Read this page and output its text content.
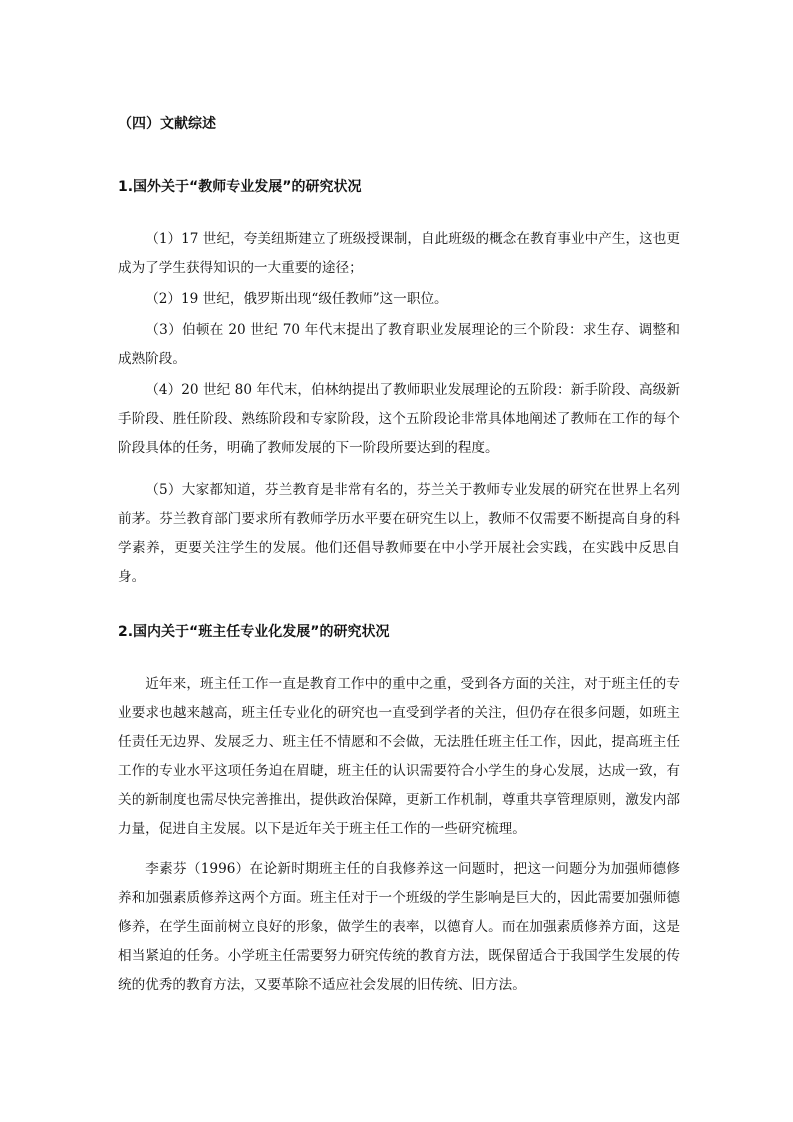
（四）文献综述
1.国外关于“教师专业发展”的研究状况

（1）17 世纪，夸美纽斯建立了班级授课制，自此班级的概念在教育事业中产生，这也更成为了学生获得知识的一大重要的途径；

（2）19 世纪，俄罗斯出现“级任教师”这一职位。

（3）伯顿在 20 世纪 70 年代末提出了教育职业发展理论的三个阶段：求生存、调整和成熟阶段。

（4）20 世纪 80 年代末，伯林纳提出了教师职业发展理论的五阶段：新手阶段、高级新手阶段、胜任阶段、熟练阶段和专家阶段，这个五阶段论非常具体地阐述了教师在工作的每个阶段具体的任务，明确了教师发展的下一阶段所要达到的程度。

（5）大家都知道，芬兰教育是非常有名的，芬兰关于教师专业发展的研究在世界上名列前茅。芬兰教育部门要求所有教师学历水平要在研究生以上，教师不仅需要不断提高自身的科学素养，更要关注学生的发展。他们还倡导教师要在中小学开展社会实践，在实践中反思自身。

2.国内关于“班主任专业化发展”的研究状况

近年来，班主任工作一直是教育工作中的重中之重，受到各方面的关注，对于班主任的专业要求也越来越高，班主任专业化的研究也一直受到学者的关注，但仍存在很多问题，如班主任责任无边界、发展乏力、班主任不情愿和不会做，无法胜任班主任工作，因此，提高班主任工作的专业水平这项任务迫在眉睫，班主任的认识需要符合小学生的身心发展，达成一致，有关的新制度也需尽快完善推出，提供政治保障，更新工作机制，尊重共享管理原则，激发内部力量，促进自主发展。以下是近年关于班主任工作的一些研究梳理。

李素芬（1996）在论新时期班主任的自我修养这一问题时，把这一问题分为加强师德修养和加强素质修养这两个方面。班主任对于一个班级的学生影响是巨大的，因此需要加强师德修养，在学生面前树立良好的形象，做学生的表率，以德育人。而在加强素质修养方面，这是相当紧迫的任务。小学班主任需要努力研究传统的教育方法，既保留适合于我国学生发展的传统的优秀的教育方法，又要革除不适应社会发展的旧传统、旧方法。
